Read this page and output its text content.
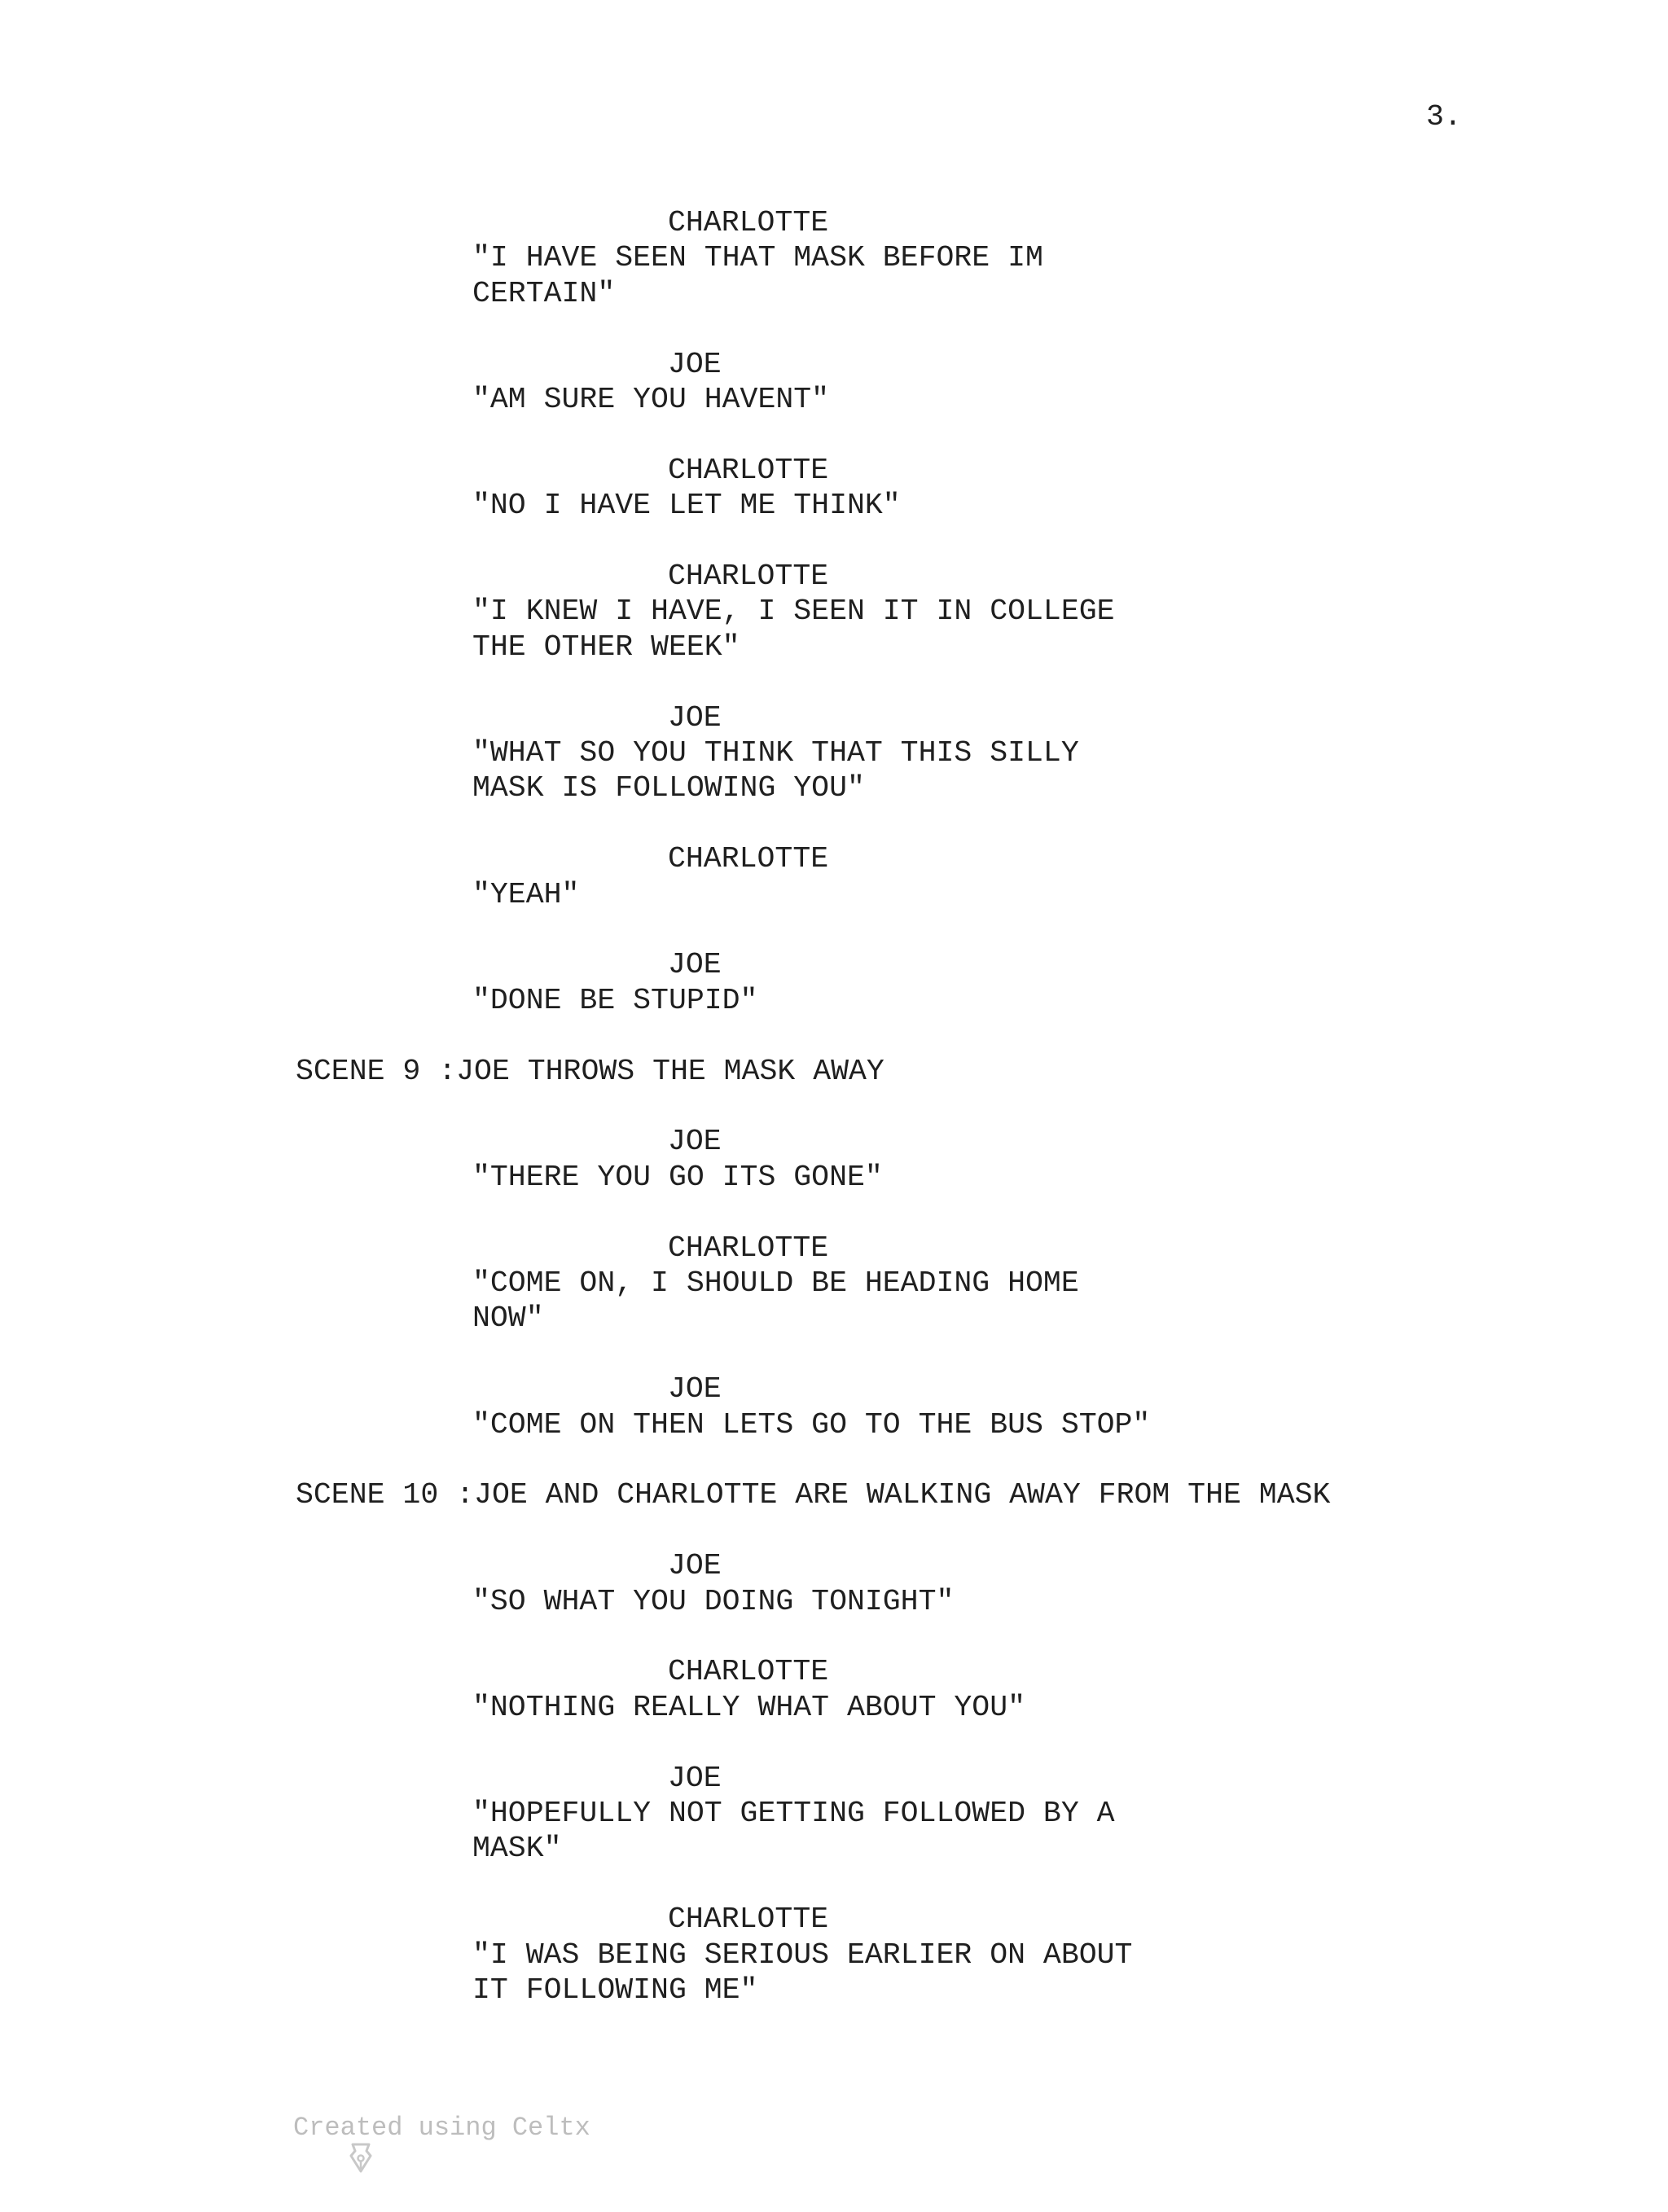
3.
CHARLOTTE
"I HAVE SEEN THAT MASK BEFORE IM
CERTAIN"
JOE
"AM SURE YOU HAVENT"
CHARLOTTE
"NO I HAVE LET ME THINK"
CHARLOTTE
"I KNEW I HAVE, I SEEN IT IN COLLEGE
THE OTHER WEEK"
JOE
"WHAT SO YOU THINK THAT THIS SILLY
MASK IS FOLLOWING YOU"
CHARLOTTE
"YEAH"
JOE
"DONE BE STUPID"
SCENE 9 :JOE THROWS THE MASK AWAY
JOE
"THERE YOU GO ITS GONE"
CHARLOTTE
"COME ON, I SHOULD BE HEADING HOME
NOW"
JOE
"COME ON THEN LETS GO TO THE BUS STOP"
SCENE 10 :JOE AND CHARLOTTE ARE WALKING AWAY FROM THE MASK
JOE
"SO WHAT YOU DOING TONIGHT"
CHARLOTTE
"NOTHING REALLY WHAT ABOUT YOU"
JOE
"HOPEFULLY NOT GETTING FOLLOWED BY A
MASK"
CHARLOTTE
"I WAS BEING SERIOUS EARLIER ON ABOUT
IT FOLLOWING ME"

Created using Celtx
